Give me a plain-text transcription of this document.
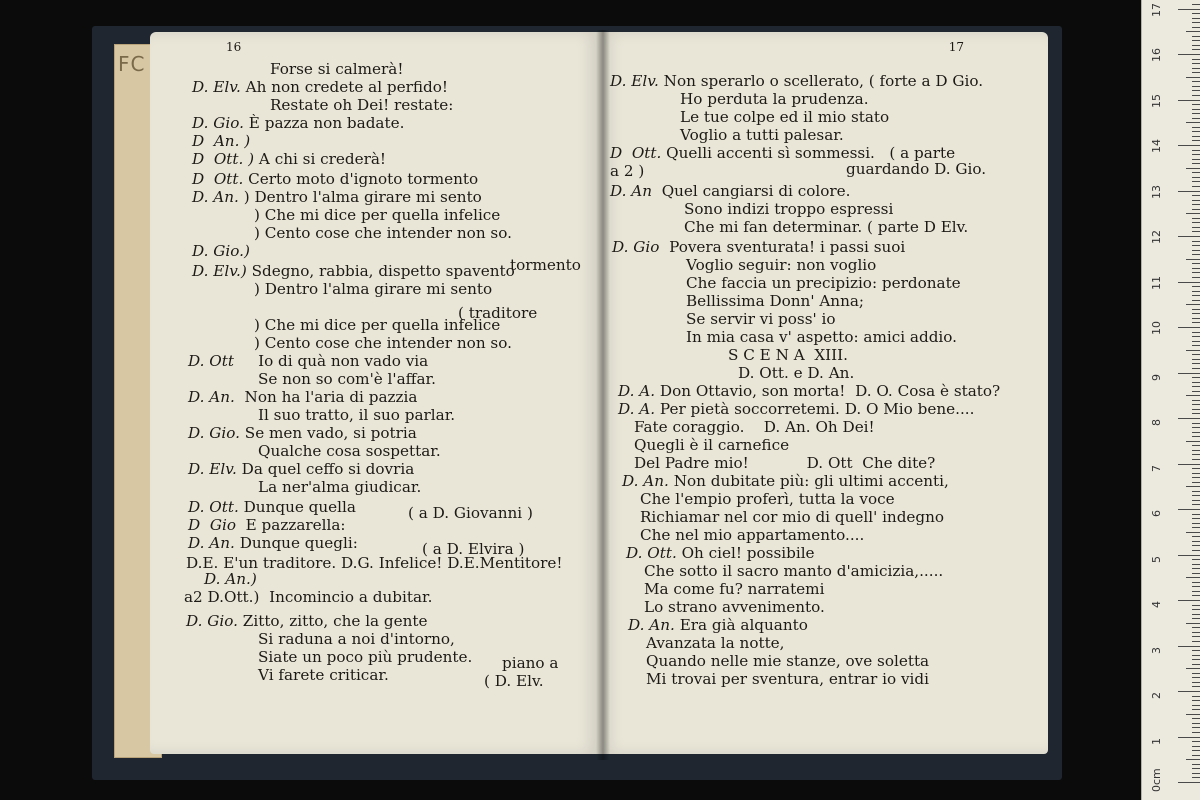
FC
16
Forse si calmerà!
D. Elv. Ah non credete al perfido!
Restate oh Dei! restate:
D. Gio. È pazza non badate.
D  An. )
D  Ott. ) A chi si crederà!
D  Ott. Certo moto d'ignoto tormento
D. An. ) Dentro l'alma girare mi sento
) Che mi dice per quella infelice
) Cento cose che intender non so.
D. Gio.)
tormento
D. Elv.) Sdegno, rabbia, dispetto spavento
) Dentro l'alma girare mi sento
( traditore
) Che mi dice per quella infelice
) Cento cose che intender non so.
D. Ott     Io di quà non vado via
Se non so com'è l'affar.
D. An.  Non ha l'aria di pazzia
Il suo tratto, il suo parlar.
D. Gio. Se men vado, si potria
Qualche cosa sospettar.
D. Elv. Da quel ceffo si dovria
La ner'alma giudicar.
D. Ott. Dunque quella	( a D. Giovanni )
D  Gio  E pazzarella:
D. An. Dunque quegli:	( a D. Elvira )
D.E. E'un traditore. D.G. Infelice! D.E.Mentitore!
D. An.)
a2 D.Ott.)  Incomincio a dubitar.
D. Gio. Zitto, zitto, che la gente
Si raduna a noi d'intorno,
Siate un poco più prudente. piano a
Vi farete criticar.	( D. Elv.
17
D. Elv. Non sperarlo o scellerato, ( forte a D Gio.
Ho perduta la prudenza.
Le tue colpe ed il mio stato
Voglio a tutti palesar.
D  Ott. Quelli accenti sì sommessi.   ( a parte
a 2 )	guardando D. Gio.
D. An  Quel cangiarsi di colore.
Sono indizi troppo espressi
Che mi fan determinar. ( parte D Elv.
D. Gio  Povera sventurata! i passi suoi
Voglio seguir: non voglio
Che faccia un precipizio: perdonate
Bellissima Donn' Anna;
Se servir vi poss' io
In mia casa v' aspetto: amici addio.
S C E N A  XIII.
D. Ott. e D. An.
D. A. Don Ottavio, son morta!  D. O. Cosa è stato?
D. A. Per pietà soccorretemi. D. O Mio bene....
Fate coraggio.    D. An. Oh Dei!
Quegli è il carnefice
Del Padre mio!            D. Ott  Che dite?
D. An. Non dubitate più: gli ultimi accenti,
Che l'empio proferì, tutta la voce
Richiamar nel cor mio di quell' indegno
Che nel mio appartamento....
D. Ott. Oh ciel! possibile
Che sotto il sacro manto d'amicizia,.....
Ma come fu? narratemi
Lo strano avvenimento.
D. An. Era già alquanto
Avanzata la notte,
Quando nelle mie stanze, ove soletta
Mi trovai per sventura, entrar io vidi
0cm
1
2
3
4
5
6
7
8
9
10
11
12
13
14
15
16
17
